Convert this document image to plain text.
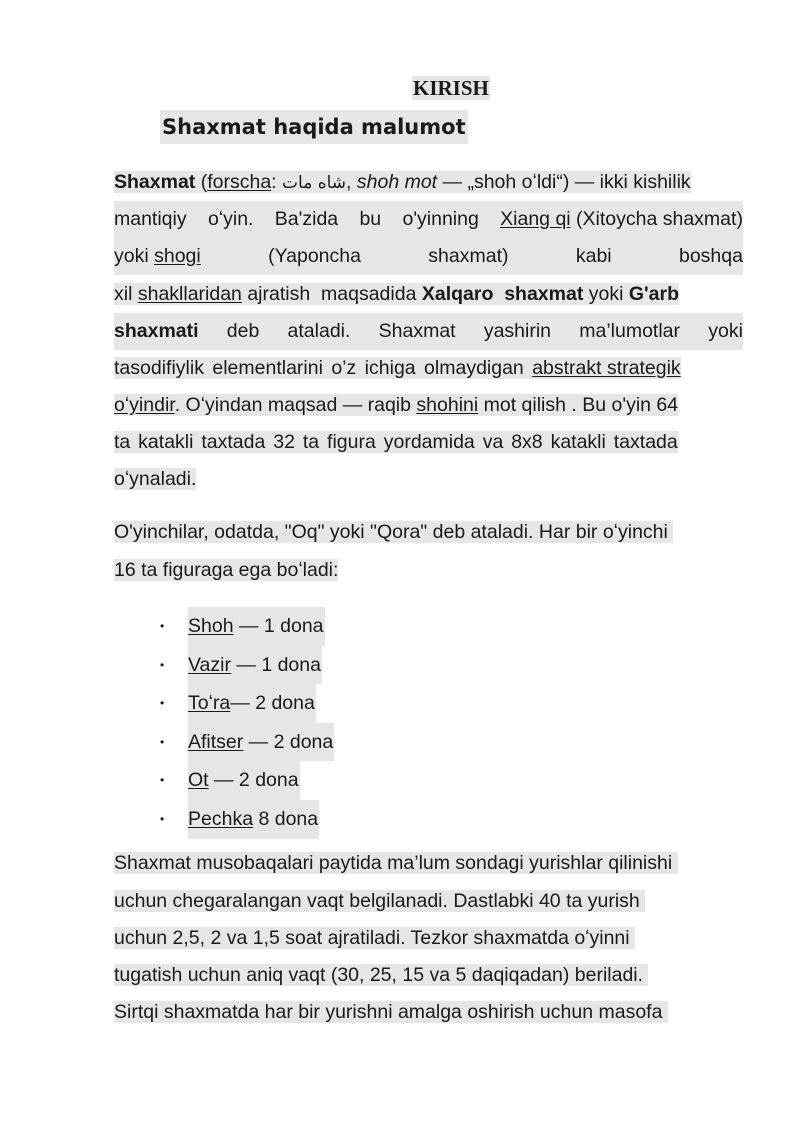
KIRISH
Shaxmat haqida malumot
Shaxmat (forscha: شاه مات, shoh mot — „shoh oʻldi“) — ikki kishilik
mantiqiy oʻyin. Ba'zida bu o'yinning Xiang qi (Xitoycha shaxmat)
yoki shogi	(Yaponcha	shaxmat)	kabi	boshqa
xil shakllaridan ajratish  maqsadida Xalqaro  shaxmat yoki G'arb
shaxmati deb ataladi. Shaxmat yashirin ma’lumotlar yoki
tasodifiylik elementlarini o’z ichiga olmaydigan abstrakt strategik
oʻyindir. Oʻyindan maqsad — raqib shohini mot qilish . Bu o'yin 64
ta katakli taxtada 32 ta figura yordamida va 8x8 katakli taxtada
oʻynaladi.
O'yinchilar, odatda, "Oq" yoki "Qora" deb ataladi. Har bir oʻyinchi
16 ta figuraga ega boʻladi:
•	Shoh — 1 dona
•	Vazir — 1 dona
•	Toʻra— 2 dona
•	Afitser — 2 dona
•	Ot — 2 dona
•	Pechka 8 dona
Shaxmat musobaqalari paytida ma’lum sondagi yurishlar qilinishi
uchun chegaralangan vaqt belgilanadi. Dastlabki 40 ta yurish
uchun 2,5, 2 va 1,5 soat ajratiladi. Tezkor shaxmatda oʻyinni
tugatish uchun aniq vaqt (30, 25, 15 va 5 daqiqadan) beriladi.
Sirtqi shaxmatda har bir yurishni amalga oshirish uchun masofa
